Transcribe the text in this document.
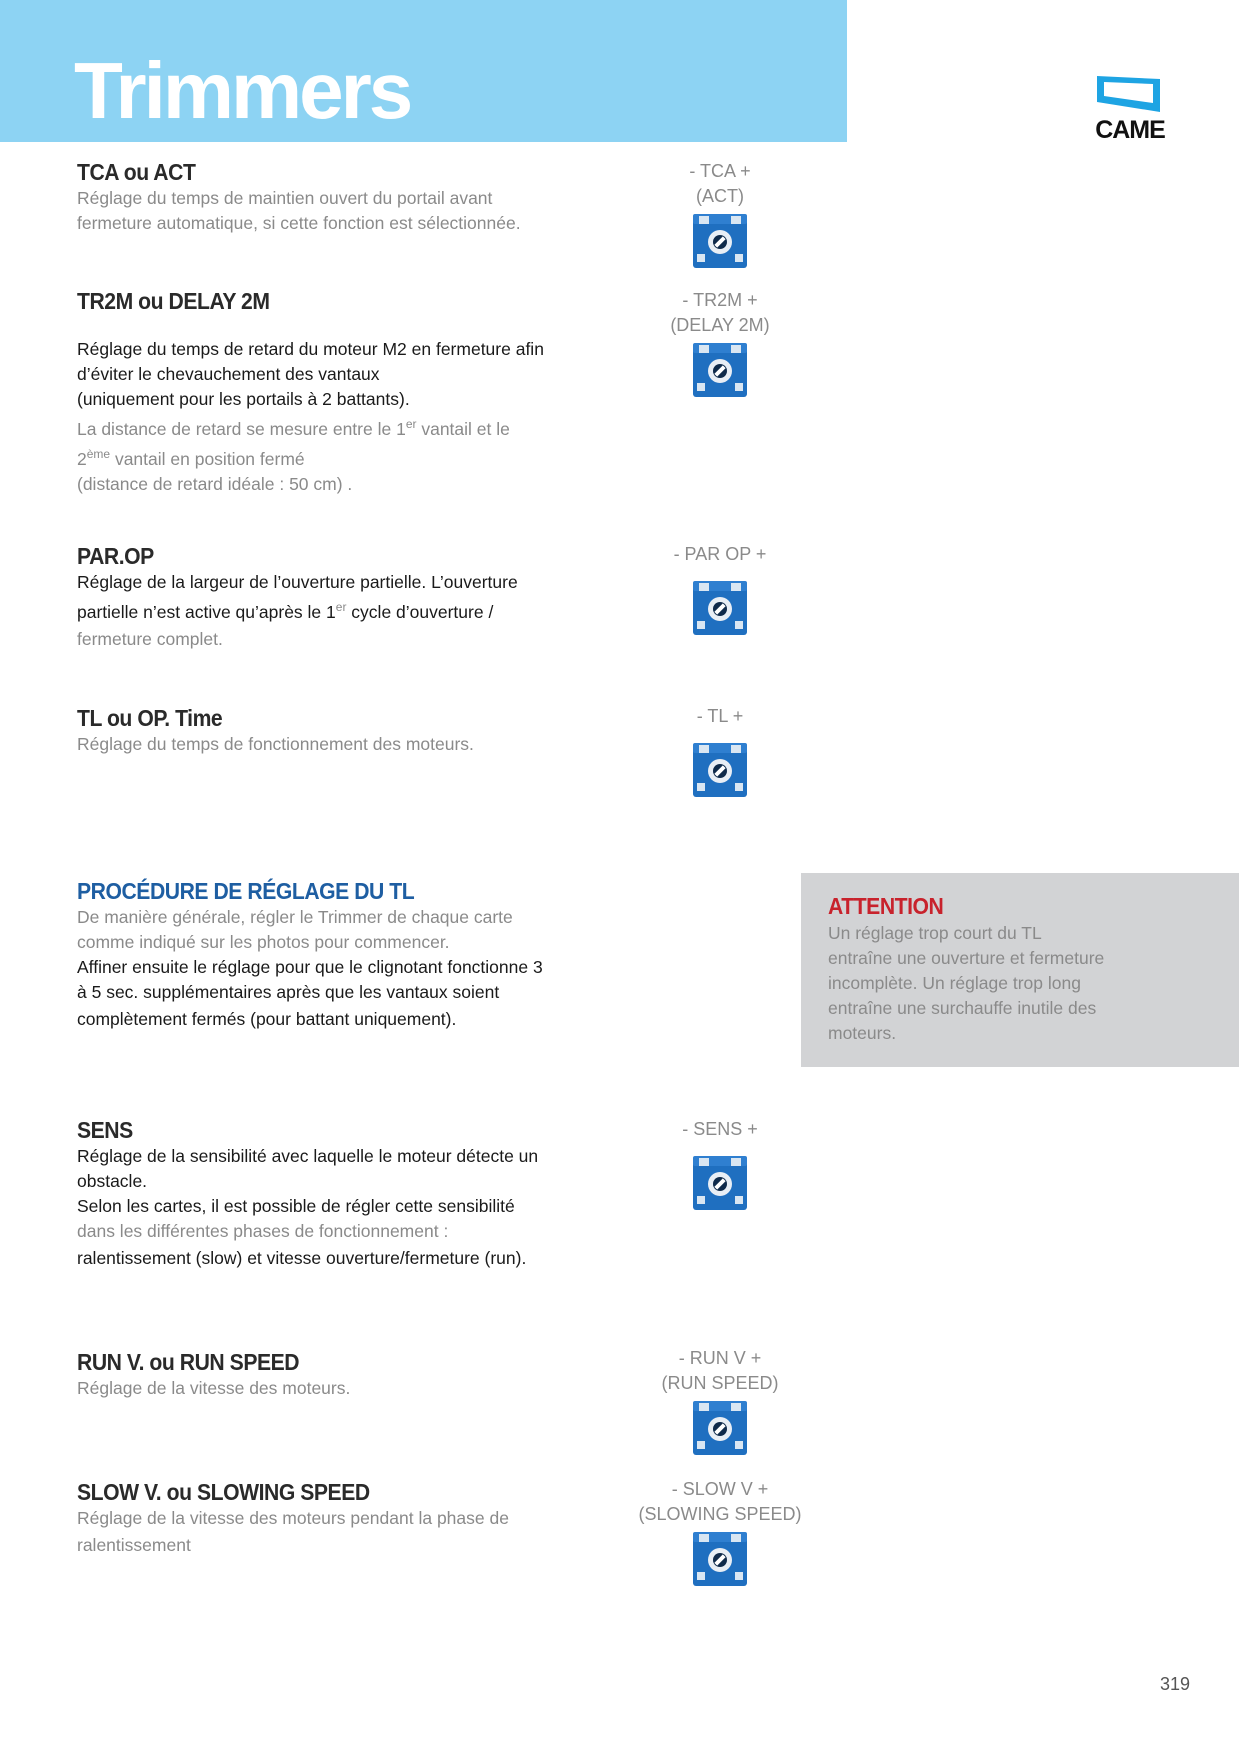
Trimmers	CAME
TCA ou ACT

Réglage du temps de maintien ouvert du portail avant

fermeture automatique, si cette fonction est sélectionnée.

- TCA +

(ACT)

TR2M ou DELAY 2M

Réglage du temps de retard du moteur M2 en fermeture afin

d’éviter le chevauchement des vantaux

(uniquement pour les portails à 2 battants).

La distance de retard se mesure entre le 1er vantail et le

2ème vantail en position fermé

(distance de retard idéale : 50 cm) .

- TR2M +

(DELAY 2M)

PAR.OP

Réglage de la largeur de l’ouverture partielle. L’ouverture

partielle n’est active qu’après le 1er cycle d’ouverture /

fermeture complet.

- PAR OP +

TL ou OP. Time

Réglage du temps de fonctionnement des moteurs.

- TL +

PROCÉDURE DE RÉGLAGE DU TL

De manière générale, régler le Trimmer de chaque carte

comme indiqué sur les photos pour commencer.

Affiner ensuite le réglage pour que le clignotant fonctionne 3

à 5 sec. supplémentaires après que les vantaux soient

complètement fermés (pour battant uniquement).

ATTENTION

Un réglage trop court du TL

entraîne une ouverture et fermeture

incomplète. Un réglage trop long

entraîne une surchauffe inutile des

moteurs.

SENS

Réglage de la sensibilité avec laquelle le moteur détecte un

obstacle.

Selon les cartes, il est possible de régler cette sensibilité

dans les différentes phases de fonctionnement :

ralentissement (slow) et vitesse ouverture/fermeture (run).

- SENS +

RUN V. ou RUN SPEED

Réglage de la vitesse des moteurs.

- RUN V +

(RUN SPEED)

SLOW V. ou SLOWING SPEED

Réglage de la vitesse des moteurs pendant la phase de

ralentissement

- SLOW V +

(SLOWING SPEED)

319
